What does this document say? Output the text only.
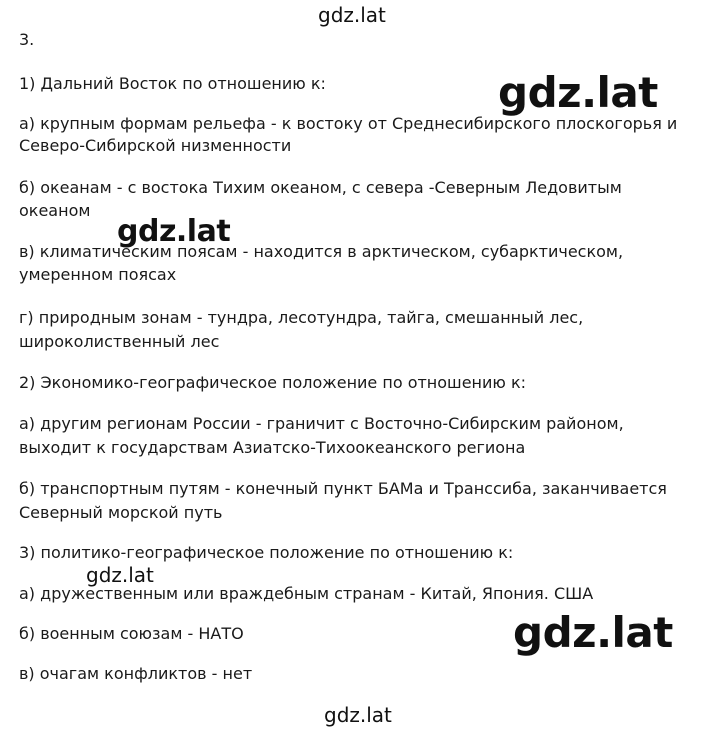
3.

1) Дальний Восток по отношению к:

а) крупным формам рельефа - к востоку от Среднесибирского плоскогорья и

Северо-Сибирской низменности

б) океанам - с востока Тихим океаном, с севера -Северным Ледовитым

океаном

в) климатическим поясам - находится в арктическом, субарктическом,

умеренном поясах

г) природным зонам - тундра, лесотундра, тайга, смешанный лес,

широколиственный лес

2) Экономико-географическое положение по отношению к:

а) другим регионам России - граничит с Восточно-Сибирским районом,

выходит к государствам Азиатско-Тихоокеанского региона

б) транспортным путям - конечный пункт БАМа и Транссиба, заканчивается

Северный морской путь

3) политико-географическое положение по отношению к:

а) дружественным или враждебным странам - Китай, Япония. США

б) военным союзам - НАТО

в) очагам конфликтов - нет

gdz.lat
gdz.lat
gdz.lat
gdz.lat
gdz.lat
gdz.lat
